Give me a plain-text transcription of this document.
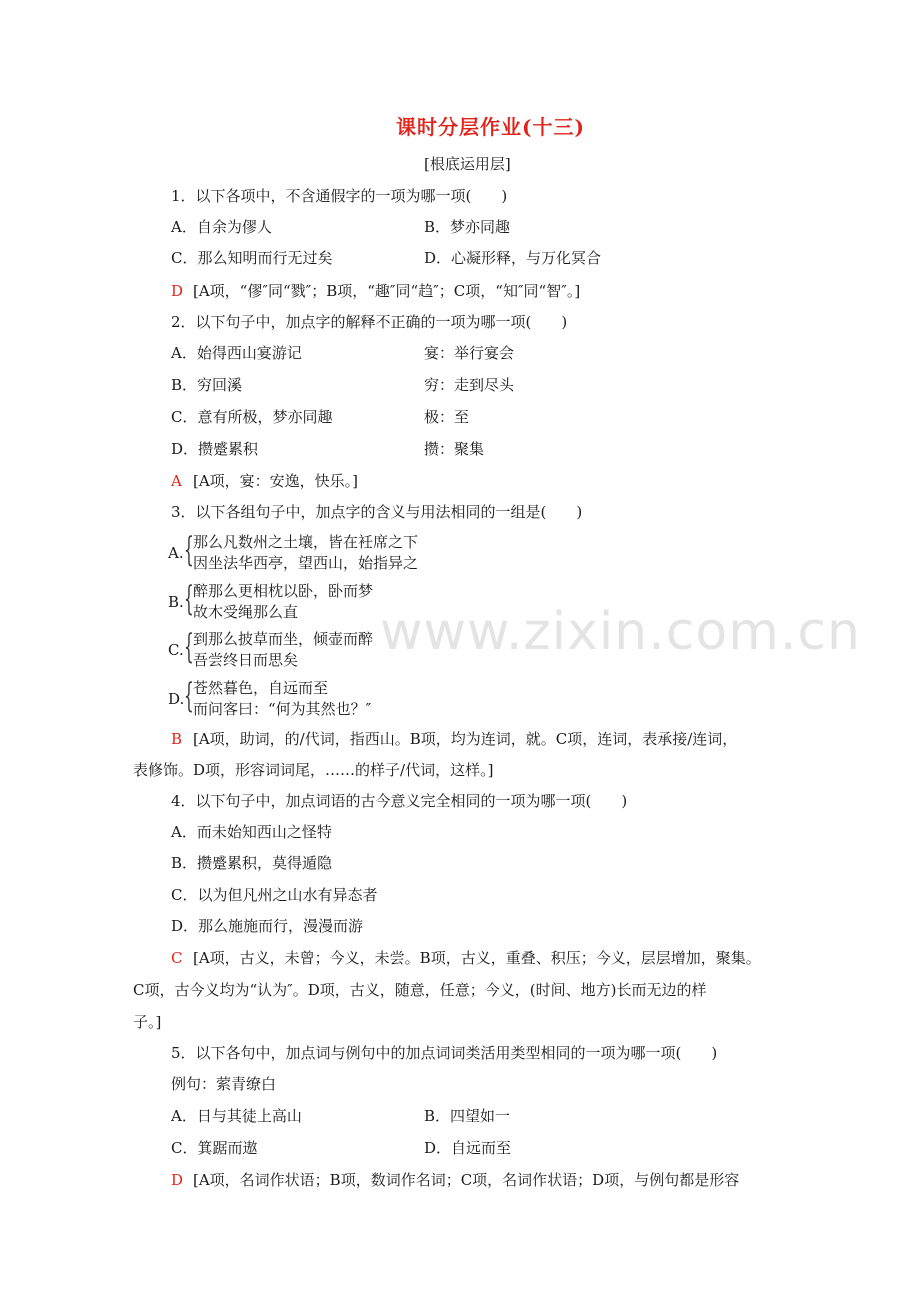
www.zixin.com.cn
课时分层作业(十三)
[根底运用层]
1．以下各项中，不含通假字的一项为哪一项(　　)
A．自余为僇人	B．梦亦同趣
C．那么知明而行无过矣	D．心凝形释，与万化冥合
D [A项，“僇″同“戮″；B项，“趣″同“趋″；C项，“知″同“智″。]
2．以下句子中，加点字的解释不正确的一项为哪一项(　　)
A．始得西山宴游记	宴：举行宴会
B．穷回溪	穷：走到尽头
C．意有所极，梦亦同趣	极：至
D．攒蹙累积	攒：聚集
A [A项，宴：安逸，快乐。]
3．以下各组句子中，加点字的含义与用法相同的一组是(　　)
A. { 那么凡数州之土壤，皆在衽席之下
因坐法华西亭，望西山，始指异之
B. { 醉那么更相枕以卧，卧而梦
故木受绳那么直
C. { 到那么披草而坐，倾壶而醉
吾尝终日而思矣
D. { 苍然暮色，自远而至
而问客曰：“何为其然也？″
B [A项，助词，的/代词，指西山。B项，均为连词，就。C项，连词，表承接/连词，
表修饰。D项，形容词词尾，……的样子/代词，这样。]
4．以下句子中，加点词语的古今意义完全相同的一项为哪一项(　　)
A．而未始知西山之怪特
B．攒蹙累积，莫得遁隐
C．以为但凡州之山水有异态者
D．那么施施而行，漫漫而游
C [A项，古义，未曾；今义，未尝。B项，古义，重叠、积压；今义，层层增加，聚集。
C项，古今义均为“认为″。D项，古义，随意，任意；今义，(时间、地方)长而无边的样
子。]
5．以下各句中，加点词与例句中的加点词词类活用类型相同的一项为哪一项(　　)
例句：萦青缭白
A．日与其徒上高山	B．四望如一
C．箕踞而遨	D．自远而至
D [A项，名词作状语；B项，数词作名词；C项，名词作状语；D项，与例句都是形容
